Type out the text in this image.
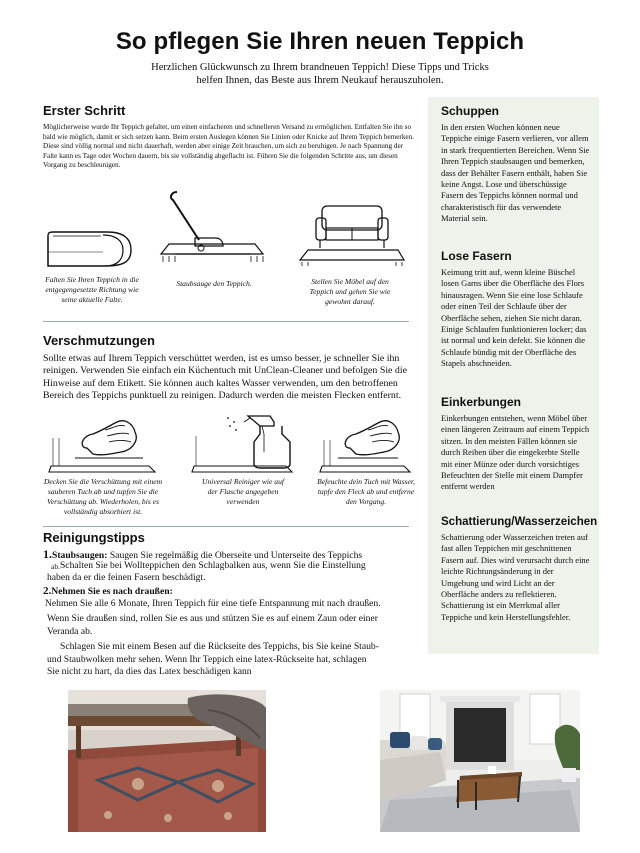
So pflegen Sie Ihren neuen Teppich
Herzlichen Glückwunsch zu Ihrem brandneuen Teppich! Diese Tipps und Tricks helfen Ihnen, das Beste aus Ihrem Neukauf herauszuholen.
Erster Schritt
Möglicherweise wurde Ihr Teppich gefaltet, um einen einfacheren und schnelleren Versand zu ermöglichen. Entfalten Sie ihn so bald wie möglich, damit er sich setzen kann. Beim ersten Auslegen können Sie Linien oder Knicke auf Ihrem Teppich bemerken. Diese sind völlig normal und nicht dauerhaft, werden aber einige Zeit brauchen, um sich zu beruhigen. Je nach Spannung der Falte kann es Tage oder Wochen dauern, bis sie vollständig abgeflacht ist. Führen Sie die folgenden Schritte aus, um diesen Vorgang zu beschleunigen.
Falten Sie Ihren Teppich in die entgegengesetzte Richtung wie seine aktuelle Falte.
Staubsauge den Teppich.	Stellen Sie Möbel auf den Teppich und gehen Sie wie gewohnt darauf.
Verschmutzungen
Sollte etwas auf Ihrem Teppich verschüttet werden, ist es umso besser, je schneller Sie ihn reinigen. Verwenden Sie einfach ein Küchentuch mit UnClean-Cleaner und befolgen Sie die Hinweise auf dem Etikett. Sie können auch kaltes Wasser verwenden, um den betroffenen Bereich des Teppichs punktuell zu reinigen. Dadurch werden die meisten Flecken entfernt.
Decken Sie die Verschüttung mit einem sauberen Tuch ab und tupfen Sie die Verschüttung ab. Wiederholen, bis es vollständig absorbiert ist.
Universal Reiniger wie auf der Flasche angegeben verwenden
Befeuchte dein Tuch mit Wasser, tupfe den Fleck ab und entferne den Vorgang.
Reinigungstipps
1.Staubsaugen: Saugen Sie regelmäßig die Oberseite und Unterseite des Teppichs
ab.Schalten Sie bei Wollteppichen den Schlagbalken aus, wenn Sie die Einstellung
haben da er die feinen Fasern beschädigt.
2.Nehmen Sie es nach draußen:
Nehmen Sie alle 6 Monate, Ihren Teppich für eine tiefe Entspannung mit nach draußen.
Wenn Sie draußen sind, rollen Sie es aus und stützen Sie es auf einem Zaun oder einer
Veranda ab.
Schlagen Sie mit einem Besen auf die Rückseite des Teppichs, bis Sie keine Staub-
und Staubwolken mehr sehen. Wenn Ihr Teppich eine latex-Rückseite hat, schlagen
Sie nicht zu hart, da dies das Latex beschädigen kann
Schuppen
In den ersten Wochen können neue Teppiche einige Fasern verlieren, vor allem in stark frequentierten Bereichen. Wenn Sie Ihren Teppich staubsaugen und bemerken, dass der Behälter Fasern enthält, haben Sie keine Angst. Lose und überschüssige Fasern des Teppichs können normal und charakteristisch für das verwendete Material sein.
Lose Fasern
Keimung tritt auf, wenn kleine Büschel losen Garns über die Oberfläche des Flors hinausragen. Wenn Sie eine lose Schlaufe oder einen Teil der Schlaufe über der Oberfläche sehen, ziehen Sie nicht daran. Einige Schlaufen funktionieren locker; das ist normal und kein defekt. Sie können die Schlaufe bündig mit der Oberfläche des Stapels abschneiden.
Einkerbungen
Einkerbungen entstehen, wenn Möbel über einen längeren Zeitraum auf einem Teppich sitzen. In den meisten Fällen können sie durch Reiben über die eingekerbte Stelle mit einer Münze oder durch vorsichtiges Befeuchten der Stelle mit einem Dampfer entfernt werden
Schattierung/Wasserzeichen
Schattierung oder Wasserzeichen treten auf fast allen Teppichen mit geschnittenen Fasern auf. Dies wird verursacht durch eine leichte Richtungsänderung in der Umgebung und wird Licht an der Oberfläche anders zu reflektieren. Schattierung ist ein Merrkmal aller Teppiche und kein Herstellungsfehler.
